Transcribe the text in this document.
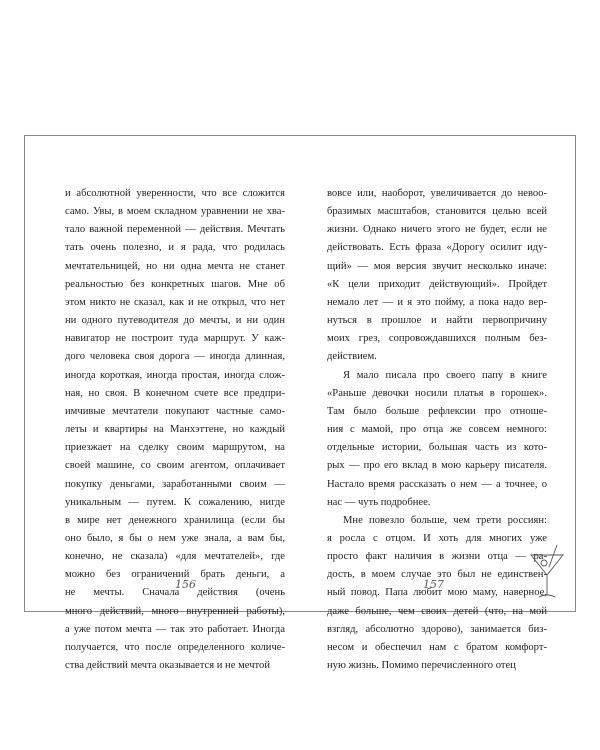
и абсолютной уверенности, что все сложится
само. Увы, в моем складном уравнении не хва-
тало важной переменной — действия. Мечтать
тать очень полезно, и я рада, что родилась
мечтательницей, но ни одна мечта не станет
реальностью без конкретных шагов. Мне об
этом никто не сказал, как и не открыл, что нет
ни одного путеводителя до мечты, и ни один
навигатор не построит туда маршрут. У каж-
дого человека своя дорога — иногда длинная,
иногда короткая, иногда простая, иногда слож-
ная, но своя. В конечном счете все предпри-
имчивые мечтатели покупают частные само-
леты и квартиры на Манхэттене, но каждый
приезжает на сделку своим маршрутом, на
своей машине, со своим агентом, оплачивает
покупку деньгами, заработанными своим —
уникальным — путем. К сожалению, нигде
в мире нет денежного хранилища (если бы
оно было, я бы о нем уже знала, а вам бы,
конечно, не сказала) «для мечтателей», где
можно без ограничений брать деньги, а
не мечты. Сначала действия (очень
много действий, много внутренней работы),
а уже потом мечта — так это работает. Иногда
получается, что после определенного количе-
ства действий мечта оказывается и не мечтой

вовсе или, наоборот, увеличивается до невоо-
бразимых масштабов, становится целью всей
жизни. Однако ничего этого не будет, если не
действовать. Есть фраза «Дорогу осилит иду-
щий» — моя версия звучит несколько иначе:
«К цели приходит действующий». Пройдет
немало лет — и я это пойму, а пока надо вер-
нуться в прошлое и найти первопричину
моих грез, сопровождавшихся полным без-
действием.

Я мало писала про своего папу в книге
«Раньше девочки носили платья в горошек».
Там было больше рефлексии про отноше-
ния с мамой, про отца же совсем немного:
отдельные истории, большая часть из кото-
рых — про его вклад в мою карьеру писателя.
Настало время рассказать о нем — а точнее, о
нас — чуть подробнее.

Мне повезло больше, чем трети россиян:
я росла с отцом. И хоть для многих уже
просто факт наличия в жизни отца — ра-
дость, в моем случае это был не единствен-
ный повод. Папа любит мою маму, наверное,
даже больше, чем своих детей (что, на мой
взгляд, абсолютно здорово), занимается биз-
несом и обеспечил нам с братом комфорт-
ную жизнь. Помимо перечисленного отец

156	157
